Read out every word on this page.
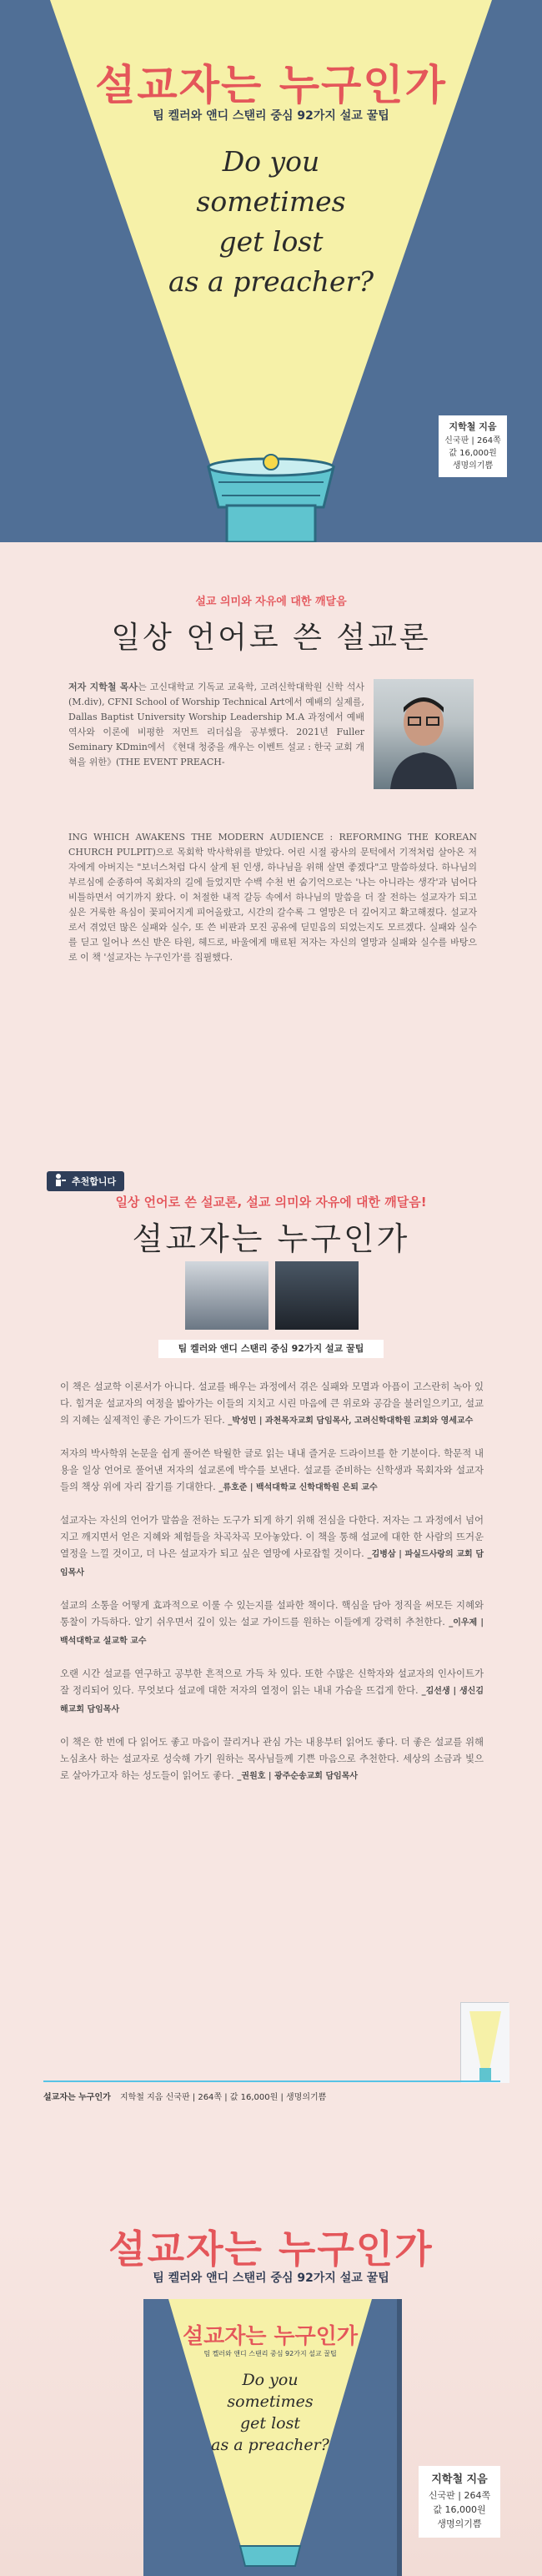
설교자는 누구인가
팀 켈러와 앤디 스탠리 중심 92가지 설교 꿀팁
Do you
sometimes
get lost
as a preacher?
지학철 지음
신국판 | 264쪽
값 16,000원
생명의기쁨
설교 의미와 자유에 대한 깨달음
일상 언어로 쓴 설교론
저자 지학철 목사는 고신대학교 기독교 교육학, 고려신학대학원 신학 석사(M.div), CFNI School of Worship Technical Art에서 예배의 실제를, Dallas Baptist University Worship Leadership M.A 과정에서 예배 역사와 이론에 비평한 저먼트 리더십을 공부했다. 2021년 Fuller Seminary KDmin에서 《현대 청중을 깨우는 이벤트 설교 : 한국 교회 개혁을 위한》(THE EVENT PREACH-
ING WHICH AWAKENS THE MODERN AUDIENCE : REFORMING THE KOREAN CHURCH PULPIT)으로 목회학 박사학위를 받았다. 어린 시절 광사의 문턱에서 기적처럼 살아온 저자에게 아버지는 "보너스처럼 다시 살게 된 인생, 하나님을 위해 살면 좋겠다"고 말씀하셨다. 하나님의 부르심에 순종하여 목회자의 길에 들었지만 수백 수천 번 숨기억으로는 '나는 아니라는 생각'과 넘어다 비틀하면서 여기까지 왔다. 이 처절한 내적 갈등 속에서 하나님의 말씀을 더 잘 전하는 설교자가 되고 싶은 거룩한 욕심이 꽃피어지게 피어올랐고, 시간의 갈수록 그 열망은 더 깊어지고 확고해졌다. 설교자로서 겪었던 많은 실패와 실수, 또 쓴 비판과 모진 공유에 딛믿음의 되었는지도 모르겠다. 실패와 실수를 딛고 일어나 쓰신 받은 타원, 헤드로, 바울에게 매료된 저자는 자신의 열망과 실패와 실수를 바탕으로 이 책 '설교자는 누구인가'를 집필했다.
추천합니다
일상 언어로 쓴 설교론, 설교 의미와 자유에 대한 깨달음!
설교자는 누구인가
팀 켈러와 앤디 스탠리 중심 92가지 설교 꿀팁

이 책은 설교학 이론서가 아니다. 설교를 배우는 과정에서 겪은 실패와 모멸과 아픔이 고스란히 녹아 있다. 힘겨운 설교자의 여정을 밟아가는 이들의 지치고 시린 마음에 큰 위로와 공감을 불러일으키고, 설교의 지혜는 실제적인 좋은 가이드가 된다. _박성민 | 과천목자교회 담임목사, 고려신학대학원 교회와 영세교수

저자의 박사학위 논문을 쉽게 풀어쓴 탁월한 글로 읽는 내내 즐거운 드라이브를 한 기분이다. 학문적 내용을 일상 언어로 풀어낸 저자의 설교론에 박수를 보낸다. 설교를 준비하는 신학생과 목회자와 설교자들의 책상 위에 자리 잡기를 기대한다. _류호준 | 백석대학교 신학대학원 은퇴 교수

설교자는 자신의 언어가 말씀을 전하는 도구가 되게 하기 위해 전심을 다한다. 저자는 그 과정에서 넘어지고 깨지면서 얻은 지혜와 체험들을 차곡차곡 모아놓았다. 이 책을 통해 설교에 대한 한 사람의 뜨거운 열정을 느낄 것이고, 더 나은 설교자가 되고 싶은 열망에 사로잡힐 것이다. _김병삼 | 파실드사랑의 교회 담임목사

설교의 소통을 어떻게 효과적으로 이룰 수 있는지를 설파한 책이다. 핵심을 담아 정직을 써모든 지혜와 통찰이 가득하다. 알기 쉬우면서 깊이 있는 설교 가이드를 원하는 이들에게 강력히 추천한다. _이우제 | 백석대학교 설교학 교수

오랜 시간 설교를 연구하고 공부한 흔적으로 가득 차 있다. 또한 수많은 신학자와 설교자의 인사이트가 잘 정리되어 있다. 무엇보다 설교에 대한 저자의 열정이 읽는 내내 가슴을 뜨겁게 한다. _김선생 | 생신김해교회 담임목사

이 책은 한 번에 다 읽어도 좋고 마음이 끌리거나 관심 가는 내용부터 읽어도 좋다. 더 좋은 설교를 위해 노심초사 하는 설교자로 성숙해 가기 원하는 목사님들께 기쁜 마음으로 추천한다. 세상의 소금과 빛으로 살아가고자 하는 성도들이 읽어도 좋다. _권원호 | 광주순송교회 담임목사

설교자는 누구인가 지학철 지음 신국판 | 264쪽 | 값 16,000원 | 생명의기쁨
설교자는 누구인가
팀 켈러와 앤디 스탠리 중심 92가지 설교 꿀팁
설교자는 누구인가
팀 켈러와 앤디 스탠리 중심 92가지 설교 꿀팁
Do you
sometimes
get lost
as a preacher?
지학철 지음
신국판 | 264쪽
값 16,000원
생명의기쁨
